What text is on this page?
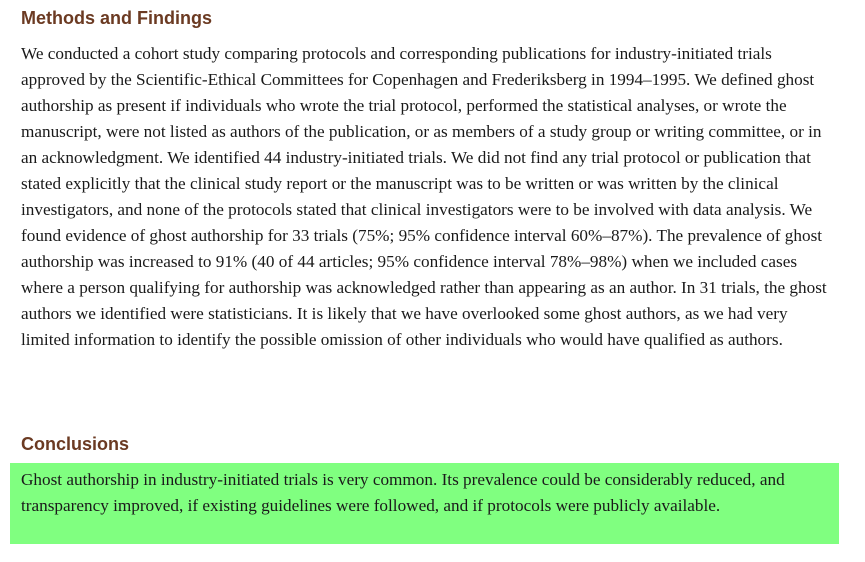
Methods and Findings

We conducted a cohort study comparing protocols and corresponding publications for industry-initiated trials approved by the Scientific-Ethical Committees for Copenhagen and Frederiksberg in 1994–1995. We defined ghost authorship as present if individuals who wrote the trial protocol, performed the statistical analyses, or wrote the manuscript, were not listed as authors of the publication, or as members of a study group or writing committee, or in an acknowledgment. We identified 44 industry-initiated trials. We did not find any trial protocol or publication that stated explicitly that the clinical study report or the manuscript was to be written or was written by the clinical investigators, and none of the protocols stated that clinical investigators were to be involved with data analysis. We found evidence of ghost authorship for 33 trials (75%; 95% confidence interval 60%–87%). The prevalence of ghost authorship was increased to 91% (40 of 44 articles; 95% confidence interval 78%–98%) when we included cases where a person qualifying for authorship was acknowledged rather than appearing as an author. In 31 trials, the ghost authors we identified were statisticians. It is likely that we have overlooked some ghost authors, as we had very limited information to identify the possible omission of other individuals who would have qualified as authors.

Conclusions

Ghost authorship in industry-initiated trials is very common. Its prevalence could be considerably reduced, and transparency improved, if existing guidelines were followed, and if protocols were publicly available.
